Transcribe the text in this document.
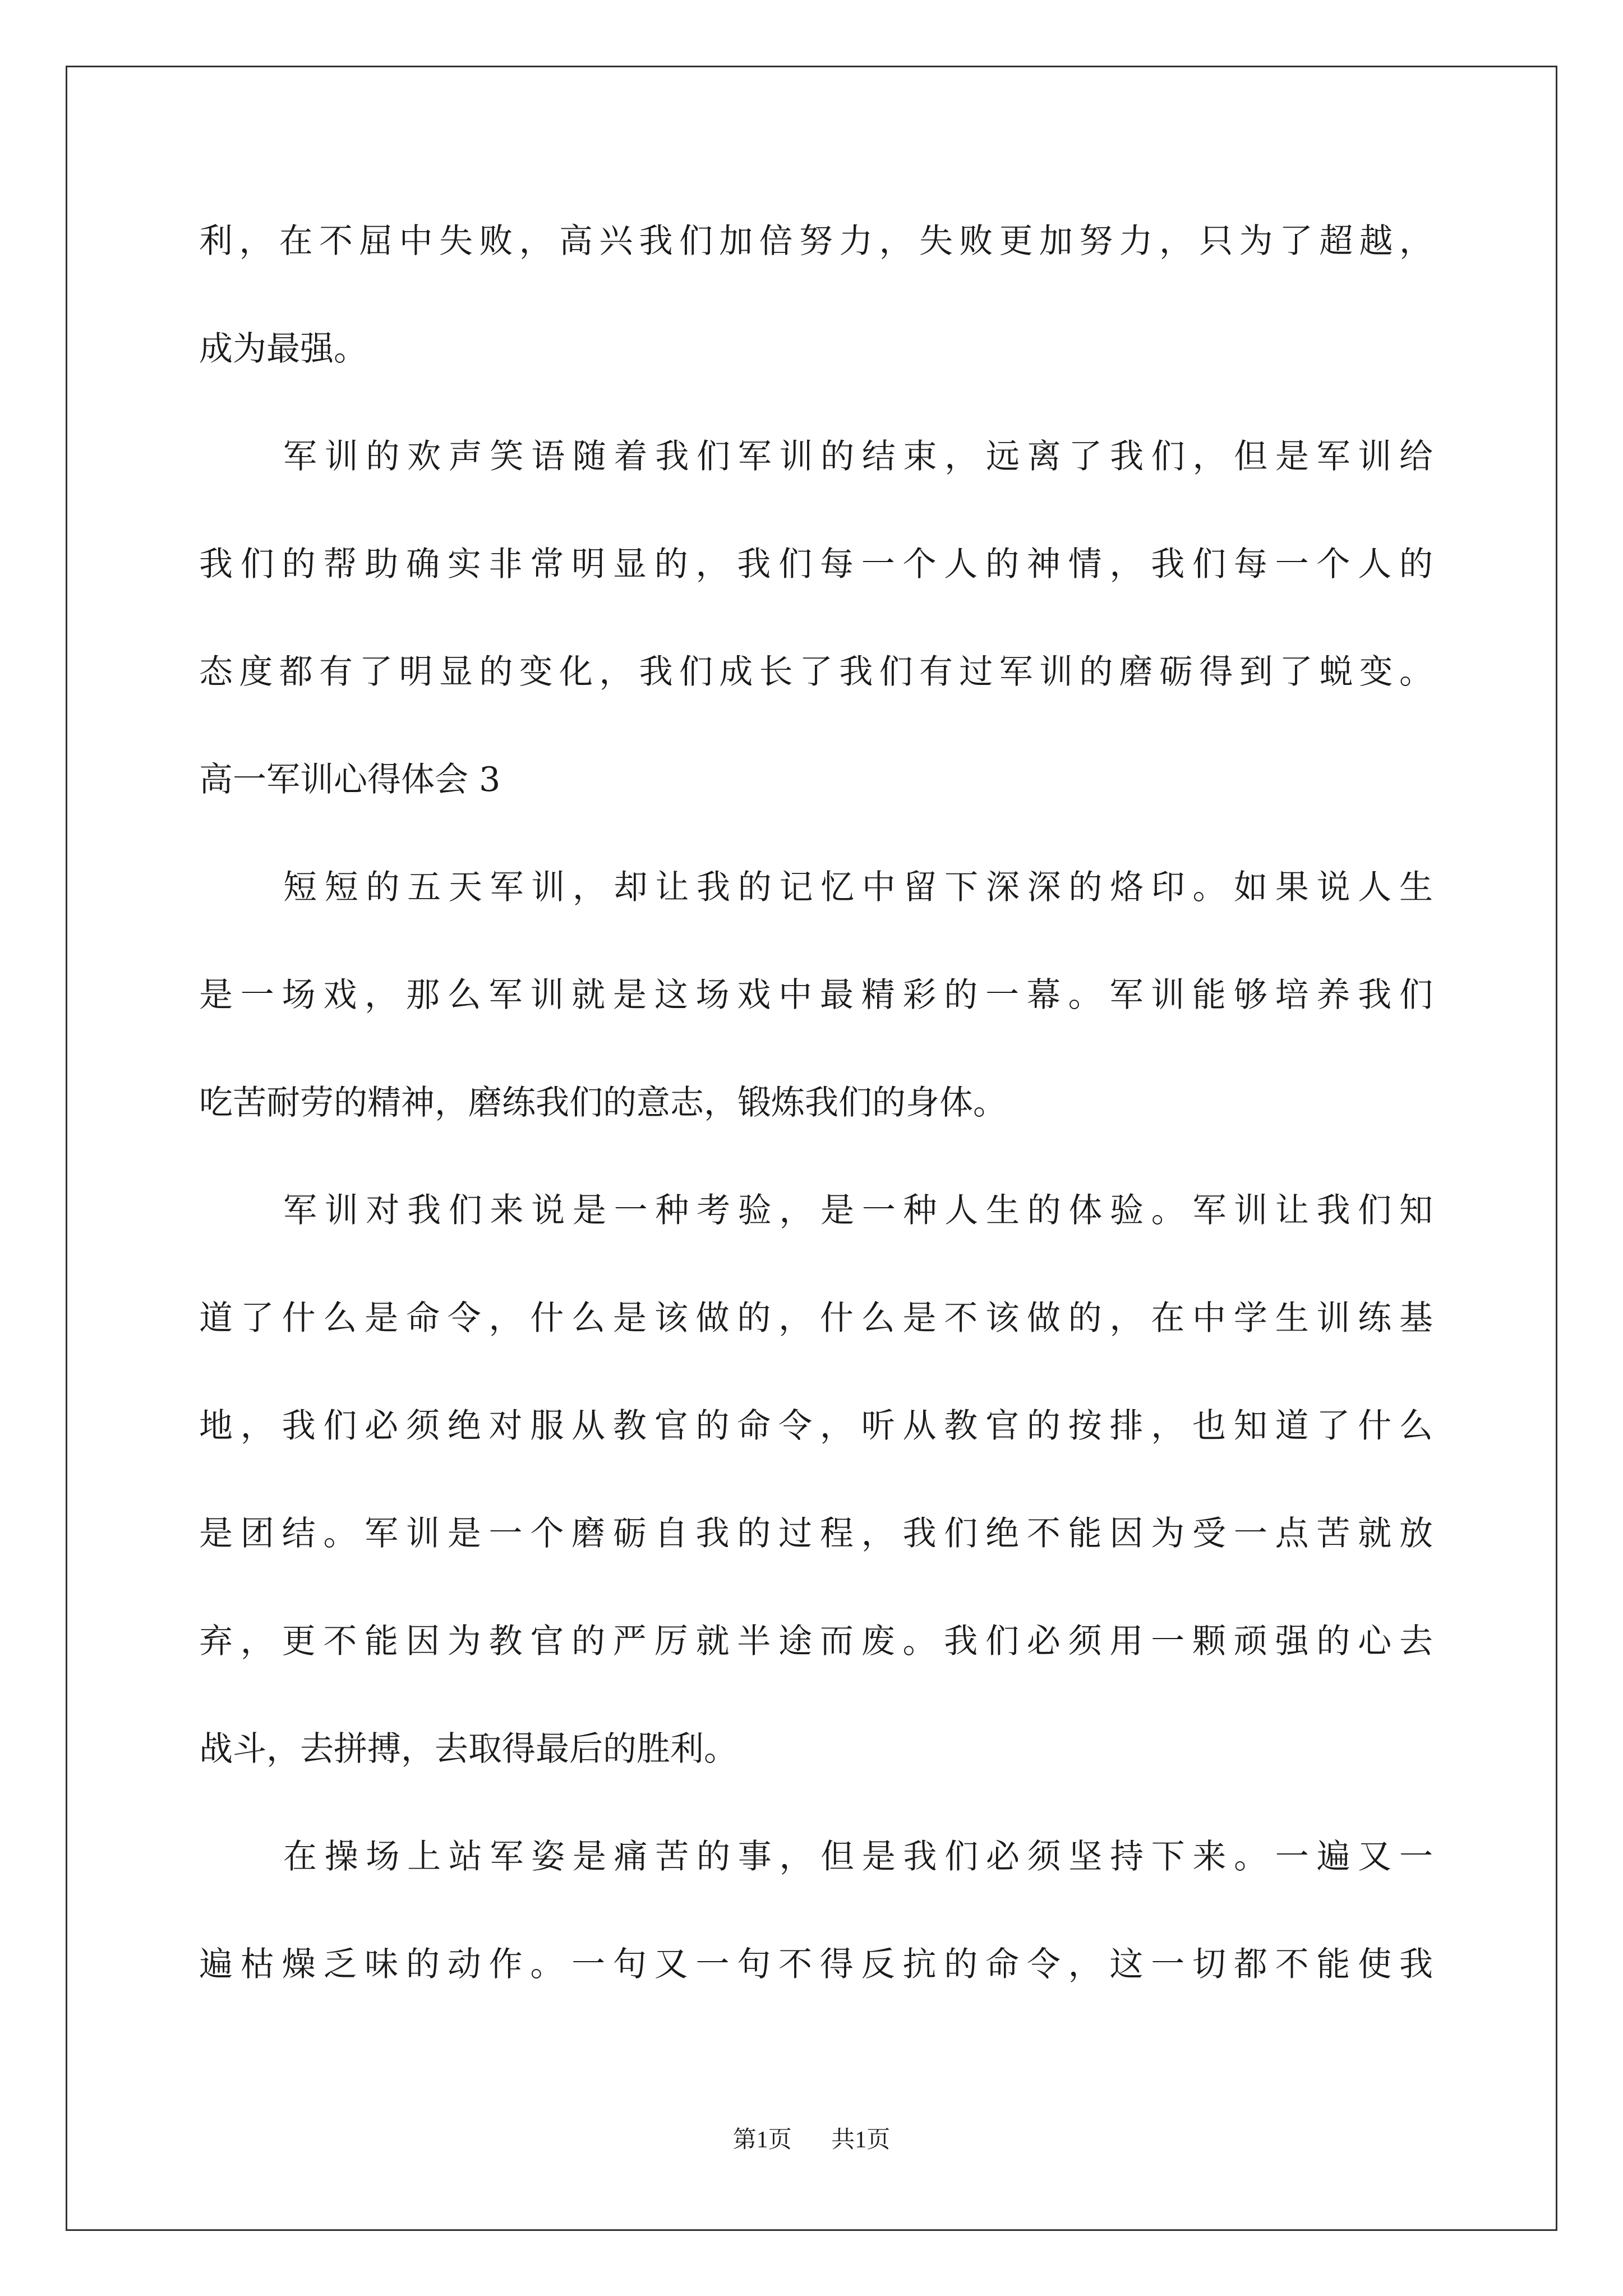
利，在不屈中失败，高兴我们加倍努力，失败更加努力，只为了超越，
成为最强。
军训的欢声笑语随着我们军训的结束，远离了我们，但是军训给
我们的帮助确实非常明显的，我们每一个人的神情，我们每一个人的
态度都有了明显的变化，我们成长了我们有过军训的磨砺得到了蜕变。
高一军训心得体会 3
短短的五天军训，却让我的记忆中留下深深的烙印。如果说人生
是一场戏，那么军训就是这场戏中最精彩的一幕。军训能够培养我们
吃苦耐劳的精神，磨练我们的意志，锻炼我们的身体。
军训对我们来说是一种考验，是一种人生的体验。军训让我们知
道了什么是命令，什么是该做的，什么是不该做的，在中学生训练基
地，我们必须绝对服从教官的命令，听从教官的按排，也知道了什么
是团结。军训是一个磨砺自我的过程，我们绝不能因为受一点苦就放
弃，更不能因为教官的严厉就半途而废。我们必须用一颗顽强的心去
战斗，去拼搏，去取得最后的胜利。
在操场上站军姿是痛苦的事，但是我们必须坚持下来。一遍又一
遍枯燥乏味的动作。一句又一句不得反抗的命令，这一切都不能使我
第1页 共1页
